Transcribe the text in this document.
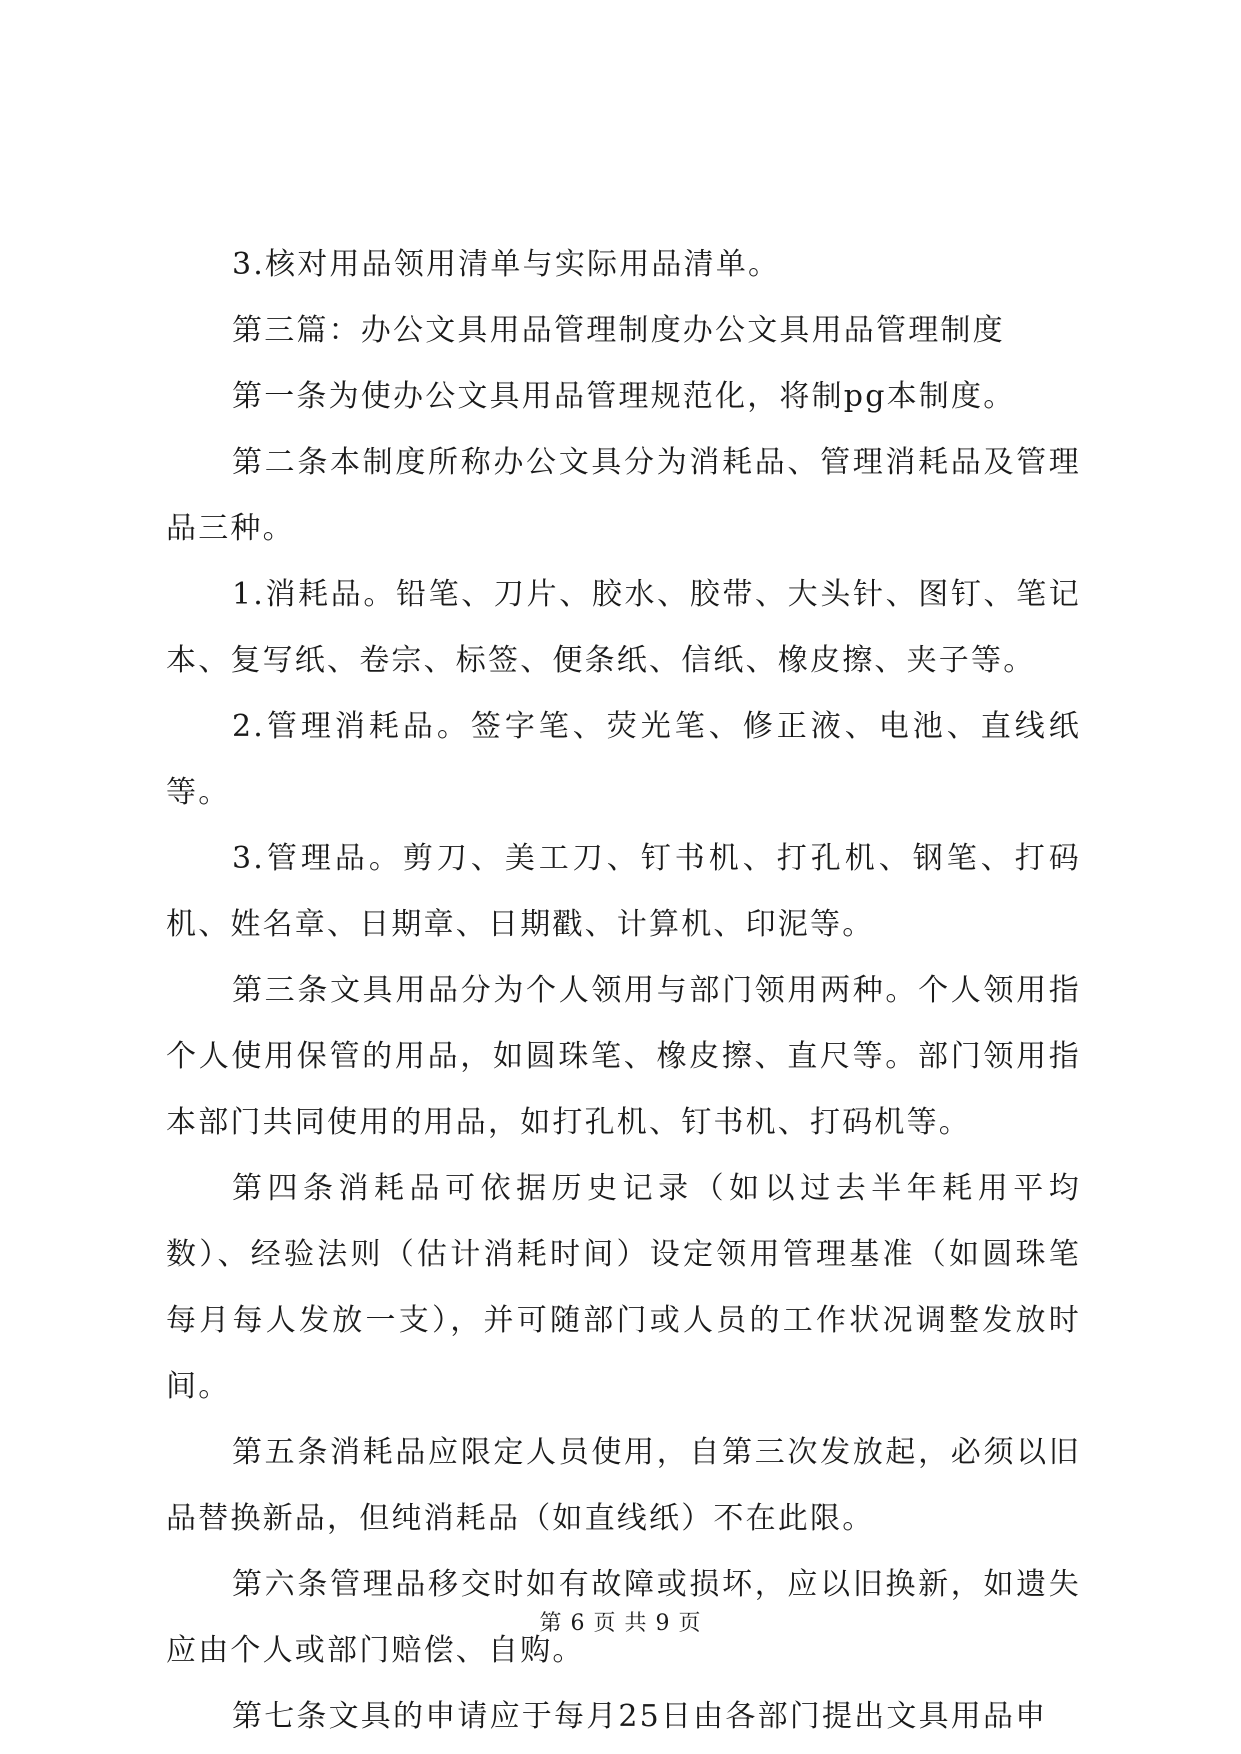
3.核对用品领用清单与实际用品清单。

第三篇：办公文具用品管理制度办公文具用品管理制度

第一条为使办公文具用品管理规范化，将制pg本制度。

第二条本制度所称办公文具分为消耗品、管理消耗品及管理品三种。

1.消耗品。铅笔、刀片、胶水、胶带、大头针、图钉、笔记本、复写纸、卷宗、标签、便条纸、信纸、橡皮擦、夹子等。

2.管理消耗品。签字笔、荧光笔、修正液、电池、直线纸等。

3.管理品。剪刀、美工刀、钉书机、打孔机、钢笔、打码机、姓名章、日期章、日期戳、计算机、印泥等。

第三条文具用品分为个人领用与部门领用两种。个人领用指个人使用保管的用品，如圆珠笔、橡皮擦、直尺等。部门领用指本部门共同使用的用品，如打孔机、钉书机、打码机等。

第四条消耗品可依据历史记录（如以过去半年耗用平均数）、经验法则（估计消耗时间）设定领用管理基准（如圆珠笔每月每人发放一支），并可随部门或人员的工作状况调整发放时间。

第五条消耗品应限定人员使用，自第三次发放起，必须以旧品替换新品，但纯消耗品（如直线纸）不在此限。

第六条管理品移交时如有故障或损坏，应以旧换新，如遗失应由个人或部门赔偿、自购。

第七条文具的申请应于每月25日由各部门提出文具用品申

第 6 页 共 9 页
